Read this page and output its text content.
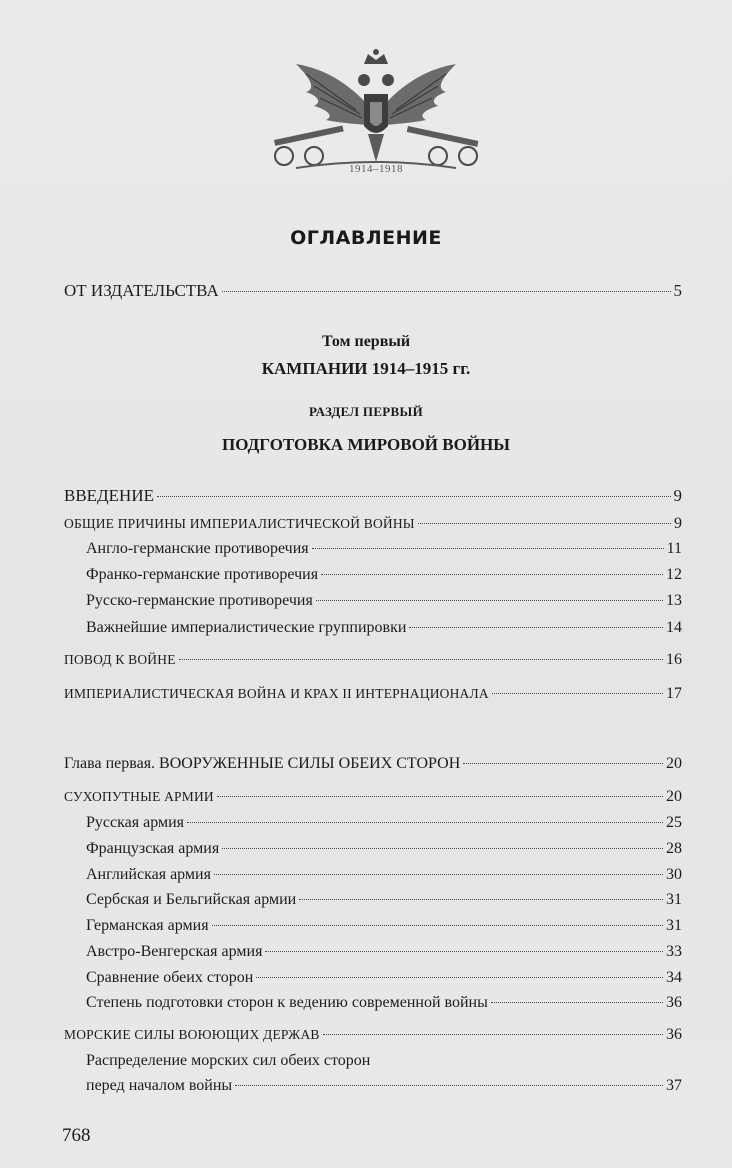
1914–1918
ОГЛАВЛЕНИЕ
ОТ ИЗДАТЕЛЬСТВА	5
Том первый
КАМПАНИИ 1914–1915 гг.
РАЗДЕЛ ПЕРВЫЙ
ПОДГОТОВКА МИРОВОЙ ВОЙНЫ
ВВЕДЕНИЕ	9
ОБЩИЕ ПРИЧИНЫ ИМПЕРИАЛИСТИЧЕСКОЙ ВОЙНЫ	9
Англо-германские противоречия	11
Франко-германские противоречия	12
Русско-германские противоречия	13
Важнейшие империалистические группировки	14
ПОВОД К ВОЙНЕ	16
ИМПЕРИАЛИСТИЧЕСКАЯ ВОЙНА И КРАХ II ИНТЕРНАЦИОНАЛА	17
Глава первая. ВООРУЖЕННЫЕ СИЛЫ ОБЕИХ СТОРОН	20
СУХОПУТНЫЕ АРМИИ	20
Русская армия	25
Французская армия	28
Английская армия	30
Сербская и Бельгийская армии	31
Германская армия	31
Австро-Венгерская армия	33
Сравнение обеих сторон	34
Степень подготовки сторон к ведению современной войны	36
МОРСКИЕ СИЛЫ ВОЮЮЩИХ ДЕРЖАВ	36
Распределение морских сил обеих сторон
перед началом войны	37
768
